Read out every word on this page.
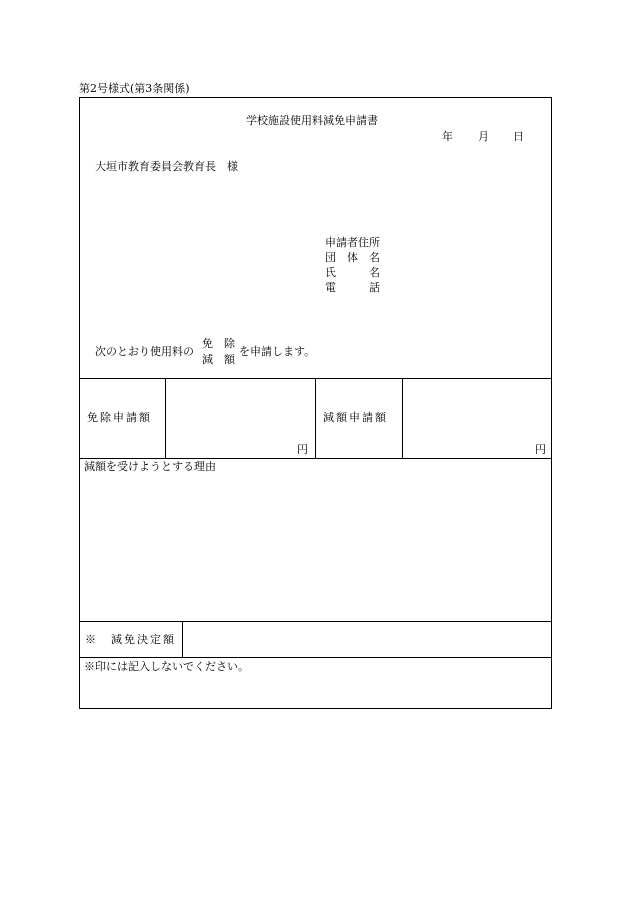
第2号様式(第3条関係)
学校施設使用料減免申請書
年 月 日
大垣市教育委員会教育長　様
申請者住所
団　体　名
氏　　　名
電　　　話
次のとおり使用料の
免　除
減　額
を申請します。
免除申請額
円
減額申請額
円
減額を受けようとする理由
※　減免決定額
※印には記入しないでください。
